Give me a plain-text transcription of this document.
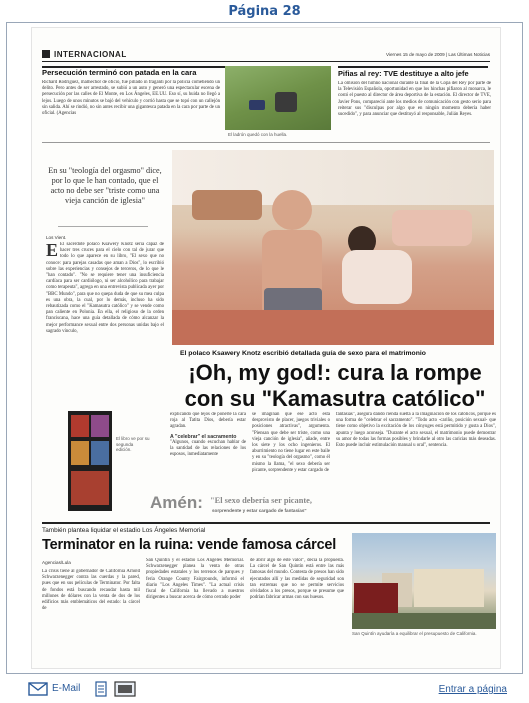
Página 28
INTERNACIONAL	Viernes 15 de mayo de 2009 | Las Últimas Noticias
Persecución terminó con patada en la cara
Richard Rodríguez, malhechor de oficio, fue pillado in fraganti por la policía cometiendo un delito. Pero antes de ser arrestado, se subió a un auto y generó una espectacular escena de persecución por las calles de El Monte, en Los Ángeles, EE.UU. Eso sí, su huida no llegó a lejos. Luego de unos minutos se bajó del vehículo y corrió hasta que se topó con un callejón sin salida. Ahí se rindió, no sin antes recibir una gigantesca patada en la cara por parte de un oficial. (Agencias
El ladrón quedó con la huella.
Pifias al rey: TVE destituye a alto jefe
La omisión del himno nacional durante la final de la Copa del Rey por parte de la Televisión Española, oportunidad en que los hinchas pifiaron al monarca, le costó el puesto al director de área deportiva de la estación. El director de TVE, Javier Pons, compareció ante los medios de comunicación con gesto serio para reiterar sus "disculpas por algo que en ningún momento debería haber sucedido", y para anunciar que destituyó al responsable, Julián Reyes.
En su "teología del orgasmo" dice, por lo que le han contado, que el acto no debe ser "triste como una vieja canción de iglesia"
Los Vient.
E El sacerdote polaco Ksawery Knotz sería capaz de hacer tres cruces para el cielo con tal de jurar que todo lo que aparece en su libro, "El sexo que no conoce: para parejas casadas que aman a Dios", lo escribió sobre las experiencias y consejos de terceros, de lo que le "han contado". "No se requiere tener una insuficiencia cardíaca para ser cardiólogo, ni ser alcohólico para trabajar como terapeuta", agrega en una entrevista publicada ayer por "BBC Mundo", para que no quepa duda de que su mea culpa es una obra, la cual, por lo demás, incluso ha sido rebautizada como el "Kamasutra católico" y se vende como pan caliente en Polonia. En ella, el religioso de la orden franciscana, hace una guía detallada de cómo alcanzar la mejor performance sexual entre dos personas unidas bajo el sagrado vínculo,
El polaco Ksawery Knotz escribió detallada guía de sexo para el matrimonio
¡Oh, my god!: cura la rompe
con su "Kamasutra católico"
El libro ve por su segunda edición.
explicando que lejos de ponerle la cara roja al Tatita Dios, debería estar agradan.
A "celebrar" el sacramento
"Algunos, cuando escuchan hablar de la santidad de las relaciones de los esposos, inmediatamente
se imaginan que ese acto está desprovisto de placer, juegos triviales o posiciones atractivas", argumenta. "Piensan que debe ser triste, como una vieja canción de iglesia", añade, entre los siete y los ocho ingenieros. El aburrimiento no tiene lugar en este baile y en su "teología del orgasmo", como él mismo la llama, "el sexo debería ser picante, sorprendente y estar cargado de
fantasías", asegura dando rienda suelta a la imaginación de los católicos, porque es una forma de "celebrar el sacramento". "Todo acto -cariño, posición sexual- que tiene como objetivo la excitación de los cónyuges está permitido y gusta a Dios", apunta y luego aconseja. "Durante el acto sexual, el matrimonio puede demostrar su amor de todas las formas posibles y brindarle al otro las caricias más deseadas. Esto puede incluir estimulación manual u oral", sentencia.
Amén: "El sexo debería ser picante,
sorprendente y estar cargado de fantasías"
También plantea liquidar el estadio Los Ángeles Memorial
Terminator en la ruina: vende famosa cárcel
Agencias/Lula
La crisis tiene al gobernador de California Arnold Schwarzenegger contra las cuerdas y la pared, pues que en sus películas de Terminator. Por falta de fondos está buscando recaudar hasta mil millones de dólares con la venta de dos de los edificios más emblemáticos del estado: la cárcel de
San Quintín y el estadio Los Angeles Memorial. Schwarzenegger planea la venta de otras propiedades estatales y los terrenos de parques y feria Orange County Fairgrounds, informó el diario "Los Angeles Times". "La actual crisis fiscal de California ha llevado a nuestros dirigentes a buscar acerca de cómo cerrado poder
de abrir algo de este valor", decía la propuesta. La cárcel de San Quintín está entre las más famosas del mundo. Contesta de presos han sido ejecutados allí y las medidas de seguridad son tan extremas que no se permite servicios olvidados a los presos, porque se presume que podrían fabricar armas con sus huesos.
San Quintín ayudaría a equilibrar el presupuesto de California.
E-Mail	Entrar a página
